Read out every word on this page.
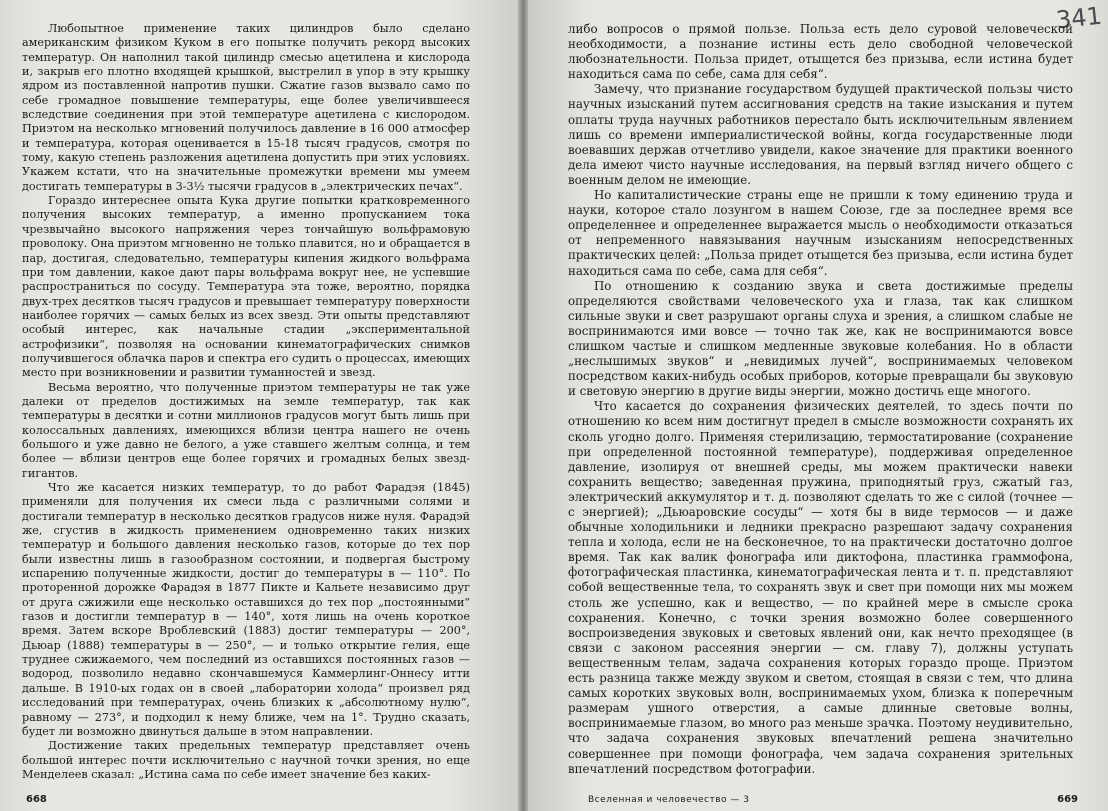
Любопытное применение таких цилиндров было сделано американским физиком Куком в его попытке получить рекорд высоких температур. Он наполнил такой цилиндр смесью ацетилена и кислорода и, закрыв его плотно входящей крышкой, выстрелил в упор в эту крышку ядром из поставленной напротив пушки. Сжатие газов вызвало само по себе громадное повышение температуры, еще более увеличившееся вследствие соединения при этой температуре ацетилена с кислородом. Приэтом на несколько мгновений получилось давление в 16 000 атмосфер и температура, которая оценивается в 15-18 тысяч градусов, смотря по тому, какую степень разложения ацетилена допустить при этих условиях. Укажем кстати, что на значительные промежутки времени мы умеем достигать температуры в 3-3½ тысячи градусов в „электрических печах“.

Гораздо интереснее опыта Кука другие попытки кратковременного получения высоких температур, а именно пропусканием тока чрезвычайно высокого напряжения через тончайшую вольфрамовую проволоку. Она приэтом мгновенно не только плавится, но и обращается в пар, достигая, следовательно, температуры кипения жидкого вольфрама при том давлении, какое дают пары вольфрама вокруг нее, не успевшие распространиться по сосуду. Температура эта тоже, вероятно, порядка двух-трех десятков тысяч градусов и превышает температуру поверхности наиболее горячих — самых белых из всех звезд. Эти опыты представляют особый интерес, как начальные стадии „экспериментальной астрофизики“, позволяя на основании кинематографических снимков получившегося облачка паров и спектра его судить о процессах, имеющих место при возникновении и развитии туманностей и звезд.

Весьма вероятно, что полученные приэтом температуры не так уже далеки от пределов достижимых на земле температур, так как температуры в десятки и сотни миллионов градусов могут быть лишь при колоссальных давлениях, имеющихся вблизи центра нашего не очень большого и уже давно не белого, а уже ставшего желтым солнца, и тем более — вблизи центров еще более горячих и громадных белых звезд-гигантов.

Что же касается низких температур, то до работ Фарадэя (1845) применяли для получения их смеси льда с различными солями и достигали температур в несколько десятков градусов ниже нуля. Фарадэй же, сгустив в жидкость применением одновременно таких низких температур и большого давления несколько газов, которые до тех пор были известны лишь в газообразном состоянии, и подвергая быстрому испарению полученные жидкости, достиг до температуры в — 110°. По проторенной дорожке Фарадэя в 1877 Пикте и Кальете независимо друг от друга сжижили еще несколько оставшихся до тех пор „постоянными“ газов и достигли температур в — 140°, хотя лишь на очень короткое время. Затем вскоре Вроблевский (1883) достиг температуры — 200°, Дьюар (1888) температуры в — 250°, — и только открытие гелия, еще труднее сжижаемого, чем последний из оставшихся постоянных газов — водород, позволило недавно скончавшемуся Каммерлинг-Оннесу итти дальше. В 1910-ых годах он в своей „лаборатории холода“ произвел ряд исследований при температурах, очень близких к „абсолютному нулю“, равному — 273°, и подходил к нему ближе, чем на 1°. Трудно сказать, будет ли возможно двинуться дальше в этом направлении.

Достижение таких предельных температур представляет очень большой интерес почти исключительно с научной точки зрения, но еще Менделеев сказал: „Истина сама по себе имеет значение без каких-

668
341

либо вопросов о прямой пользе. Польза есть дело суровой человеческой необходимости, а познание истины есть дело свободной человеческой любознательности. Польза придет, отыщется без призыва, если истина будет находиться сама по себе, сама для себя“.

Замечу, что признание государством будущей практической пользы чисто научных изысканий путем ассигнования средств на такие изыскания и путем оплаты труда научных работников перестало быть исключительным явлением лишь со времени империалистической войны, когда государственные люди воевавших держав отчетливо увидели, какое значение для практики военного дела имеют чисто научные исследования, на первый взгляд ничего общего с военным делом не имеющие.

Но капиталистические страны еще не пришли к тому единению труда и науки, которое стало лозунгом в нашем Союзе, где за последнее время все определеннее и определеннее выражается мысль о необходимости отказаться от непременного навязывания научным изысканиям непосредственных практических целей: „Польза придет отыщется без призыва, если истина будет находиться сама по себе, сама для себя“.

По отношению к созданию звука и света достижимые пределы определяются свойствами человеческого уха и глаза, так как слишком сильные звуки и свет разрушают органы слуха и зрения, а слишком слабые не воспринимаются ими вовсе — точно так же, как не воспринимаются вовсе слишком частые и слишком медленные звуковые колебания. Но в области „неслышимых звуков“ и „невидимых лучей“, воспринимаемых человеком посредством каких-нибудь особых приборов, которые превращали бы звуковую и световую энергию в другие виды энергии, можно достичь еще многого.

Что касается до сохранения физических деятелей, то здесь почти по отношению ко всем ним достигнут предел в смысле возможности сохранять их сколь угодно долго. Применяя стерилизацию, термостатирование (сохранение при определенной постоянной температуре), поддерживая определенное давление, изолируя от внешней среды, мы можем практически навеки сохранить вещество; заведенная пружина, приподнятый груз, сжатый газ, электрический аккумулятор и т. д. позволяют сделать то же с силой (точнее — с энергией); „Дьюаровские сосуды“ — хотя бы в виде термосов — и даже обычные холодильники и ледники прекрасно разрешают задачу сохранения тепла и холода, если не на бесконечное, то на практически достаточно долгое время. Так как валик фонографа или диктофона, пластинка граммофона, фотографическая пластинка, кинематографическая лента и т. п. представляют собой вещественные тела, то сохранять звук и свет при помощи них мы можем столь же успешно, как и вещество, — по крайней мере в смысле срока сохранения. Конечно, с точки зрения возможно более совершенного воспроизведения звуковых и световых явлений они, как нечто преходящее (в связи с законом рассеяния энергии — см. главу 7), должны уступать вещественным телам, задача сохранения которых гораздо проще. Приэтом есть разница также между звуком и светом, стоящая в связи с тем, что длина самых коротких звуковых волн, воспринимаемых ухом, близка к поперечным размерам ушного отверстия, а самые длинные световые волны, воспринимаемые глазом, во много раз меньше зрачка. Поэтому неудивительно, что задача сохранения звуковых впечатлений решена значительно совершеннее при помощи фонографа, чем задача сохранения зрительных впечатлений посредством фотографии.

Вселенная и человечество — 3	669
